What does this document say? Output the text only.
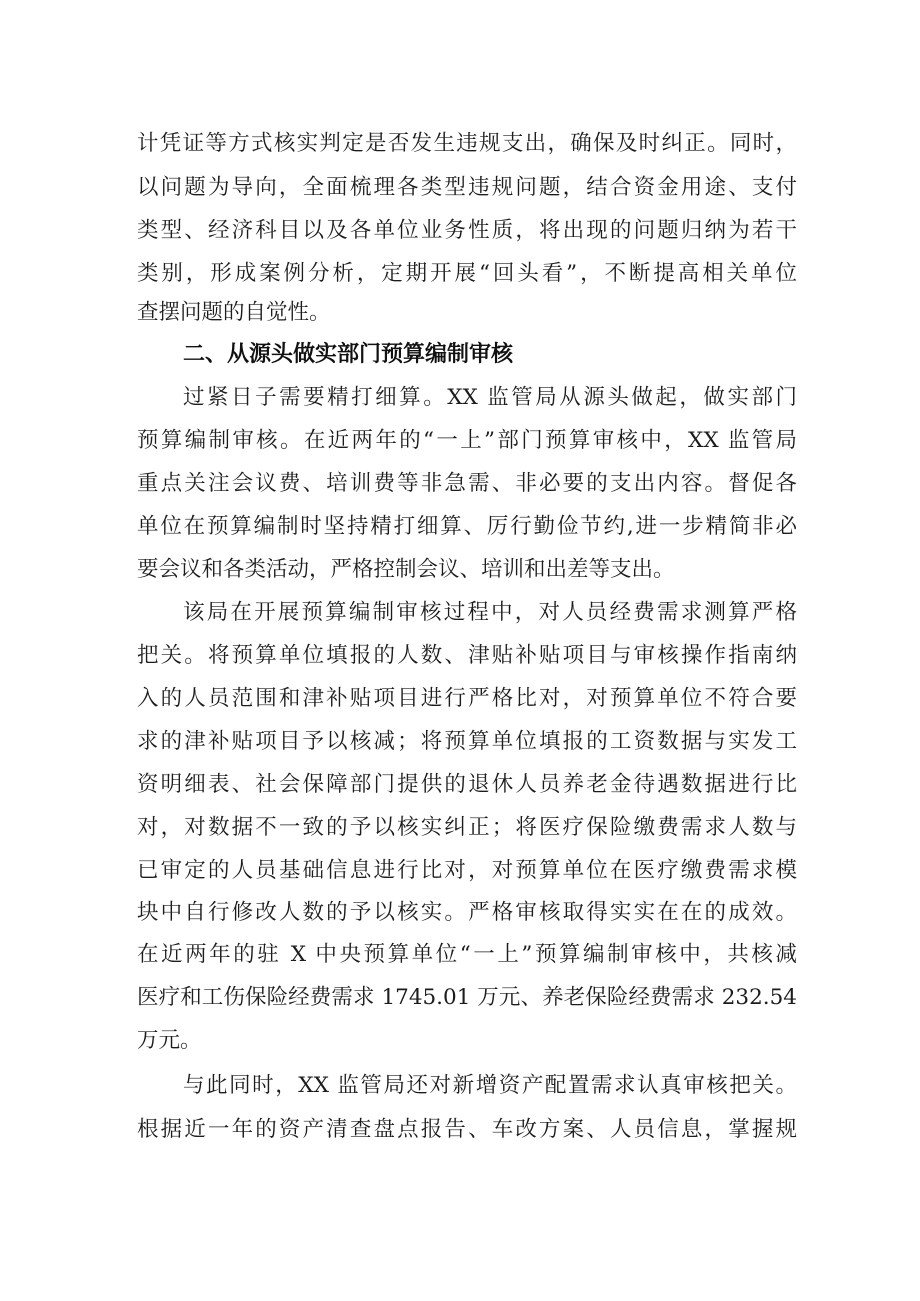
计凭证等方式核实判定是否发生违规支出，确保及时纠正。同时，
以问题为导向，全面梳理各类型违规问题，结合资金用途、支付
类型、经济科目以及各单位业务性质，将出现的问题归纳为若干
类别，形成案例分析，定期开展“回头看”，不断提高相关单位
查摆问题的自觉性。
二、从源头做实部门预算编制审核
过紧日子需要精打细算。XX 监管局从源头做起，做实部门
预算编制审核。在近两年的“一上”部门预算审核中，XX 监管局
重点关注会议费、培训费等非急需、非必要的支出内容。督促各
单位在预算编制时坚持精打细算、厉行勤俭节约,进一步精简非必
要会议和各类活动，严格控制会议、培训和出差等支出。
该局在开展预算编制审核过程中，对人员经费需求测算严格
把关。将预算单位填报的人数、津贴补贴项目与审核操作指南纳
入的人员范围和津补贴项目进行严格比对，对预算单位不符合要
求的津补贴项目予以核减；将预算单位填报的工资数据与实发工
资明细表、社会保障部门提供的退休人员养老金待遇数据进行比
对，对数据不一致的予以核实纠正；将医疗保险缴费需求人数与
已审定的人员基础信息进行比对，对预算单位在医疗缴费需求模
块中自行修改人数的予以核实。严格审核取得实实在在的成效。
在近两年的驻 X 中央预算单位“一上”预算编制审核中，共核减
医疗和工伤保险经费需求 1745.01 万元、养老保险经费需求 232.54
万元。
与此同时，XX 监管局还对新增资产配置需求认真审核把关。
根据近一年的资产清查盘点报告、车改方案、人员信息，掌握规
